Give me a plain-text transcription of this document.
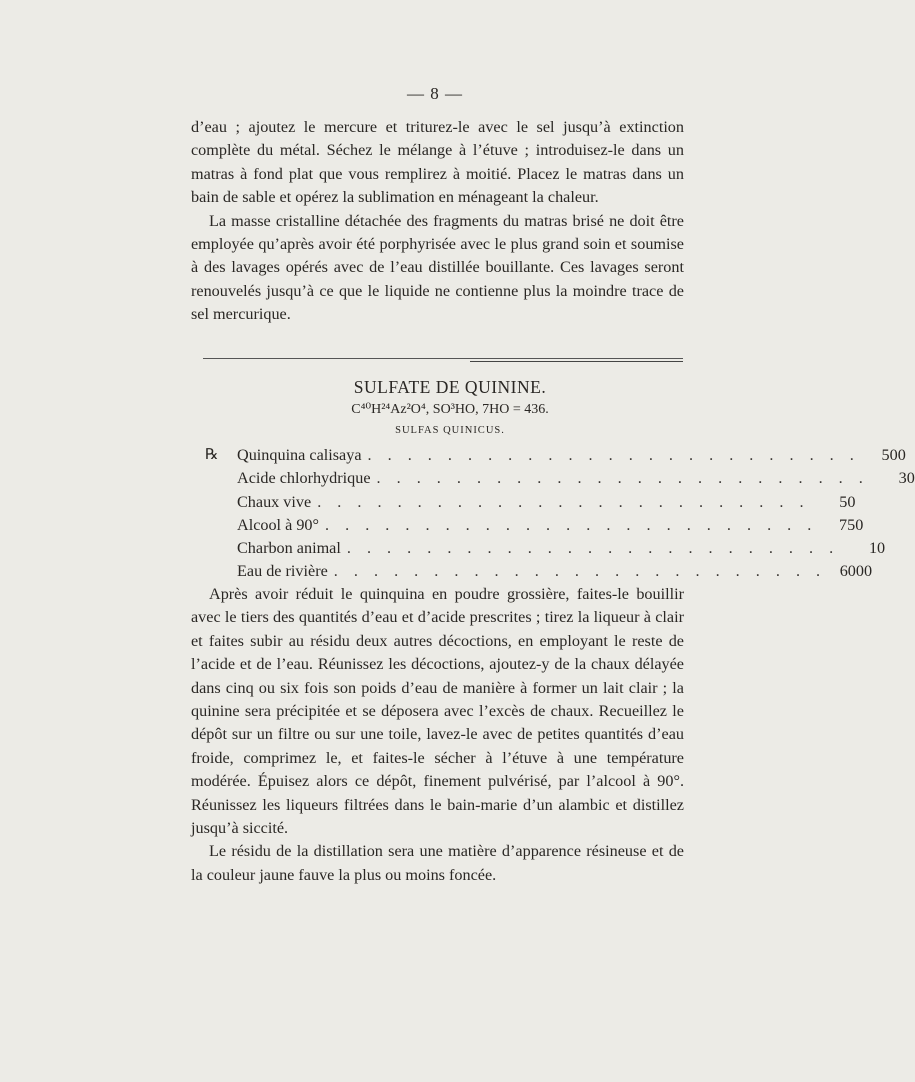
— 8 —

d’eau ; ajoutez le mercure et triturez-le avec le sel jusqu’à extinction complète du métal. Séchez le mélange à l’étuve ; introduisez-le dans un matras à fond plat que vous remplirez à moitié. Placez le matras dans un bain de sable et opérez la sublimation en ménageant la chaleur.

La masse cristalline détachée des fragments du matras brisé ne doit être employée qu’après avoir été porphyrisée avec le plus grand soin et soumise à des lavages opérés avec de l’eau distillée bouillante. Ces lavages seront renouvelés jusqu’à ce que le liquide ne contienne plus la moindre trace de sel mercurique.

SULFATE DE QUININE.
C⁴⁰H²⁴Az²O⁴, SO³HO, 7HO = 436.
SULFAS QUINICUS.
℞ Quinquina calisaya . . . . . . . . . . . . . . . . . . . . . . . . .	500
Acide chlorhydrique . . . . . . . . . . . . . . . . . . . . . . . . .	30
Chaux vive . . . . . . . . . . . . . . . . . . . . . . . . .	50
Alcool à 90° . . . . . . . . . . . . . . . . . . . . . . . . .	750
Charbon animal . . . . . . . . . . . . . . . . . . . . . . . . .	10
Eau de rivière . . . . . . . . . . . . . . . . . . . . . . . . . 6000

Après avoir réduit le quinquina en poudre grossière, faites-le bouillir avec le tiers des quantités d’eau et d’acide prescrites ; tirez la liqueur à clair et faites subir au résidu deux autres décoctions, en employant le reste de l’acide et de l’eau. Réunissez les décoctions, ajoutez-y de la chaux délayée dans cinq ou six fois son poids d’eau de manière à former un lait clair ; la quinine sera précipitée et se déposera avec l’excès de chaux. Recueillez le dépôt sur un filtre ou sur une toile, lavez-le avec de petites quantités d’eau froide, comprimez le, et faites-le sécher à l’étuve à une température modérée. Épuisez alors ce dépôt, finement pulvérisé, par l’alcool à 90°. Réunissez les liqueurs filtrées dans le bain-marie d’un alambic et distillez jusqu’à siccité.

Le résidu de la distillation sera une matière d’apparence résineuse et de la couleur jaune fauve la plus ou moins foncée.
